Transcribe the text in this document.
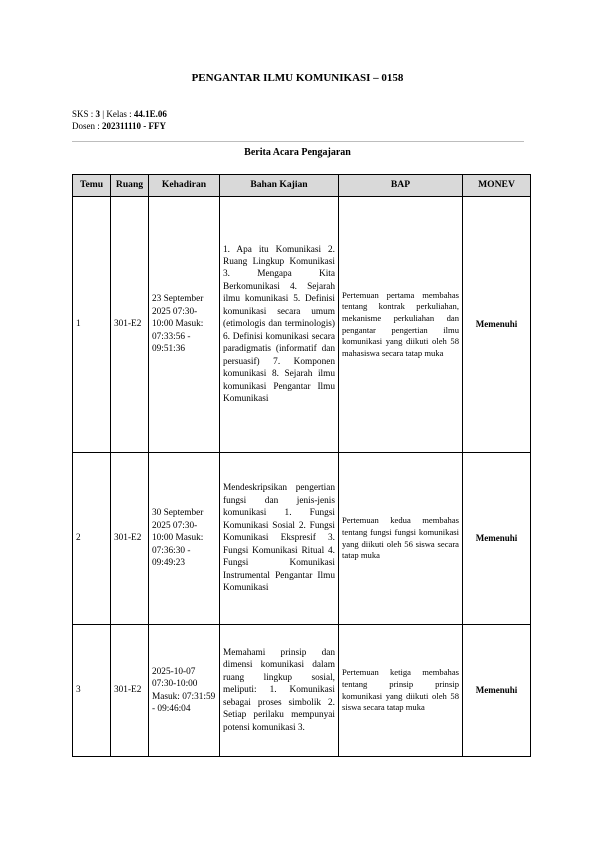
PENGANTAR ILMU KOMUNIKASI – 0158
SKS : 3 | Kelas : 44.1E.06
Dosen : 202311110 - FFY
Berita Acara Pengajaran
Temu	Ruang	Kehadiran	Bahan Kajian	BAP	MONEV
1	301-E2	23 September 2025 07:30-10:00 Masuk: 07:33:56 - 09:51:36	1. Apa itu Komunikasi 2. Ruang Lingkup Komunikasi 3. Mengapa Kita Berkomunikasi 4. Sejarah ilmu komunikasi 5. Definisi komunikasi secara umum (etimologis dan terminologis) 6. Definisi komunikasi secara paradigmatis (informatif dan persuasif) 7. Komponen komunikasi 8. Sejarah ilmu komunikasi Pengantar Ilmu Komunikasi	Pertemuan pertama membahas tentang kontrak perkuliahan, mekanisme perkuliahan dan pengantar pengertian ilmu komunikasi yang diikuti oleh 58 mahasiswa secara tatap muka	Memenuhi
2	301-E2	30 September 2025 07:30-10:00 Masuk: 07:36:30 - 09:49:23	Mendeskripsikan pengertian fungsi dan jenis-jenis komunikasi 1. Fungsi Komunikasi Sosial 2. Fungsi Komunikasi Ekspresif 3. Fungsi Komunikasi Ritual 4. Fungsi Komunikasi Instrumental Pengantar Ilmu Komunikasi	Pertemuan kedua membahas tentang fungsi fungsi komunikasi yang diikuti oleh 56 siswa secara tatap muka	Memenuhi
3	301-E2	2025-10-07 07:30-10:00 Masuk: 07:31:59 - 09:46:04	Memahami prinsip dan dimensi komunikasi dalam ruang lingkup sosial, meliputi: 1. Komunikasi sebagai proses simbolik 2. Setiap perilaku mempunyai potensi komunikasi 3.	Pertemuan ketiga membahas tentang prinsip prinsip komunikasi yang diikuti oleh 58 siswa secara tatap muka	Memenuhi
